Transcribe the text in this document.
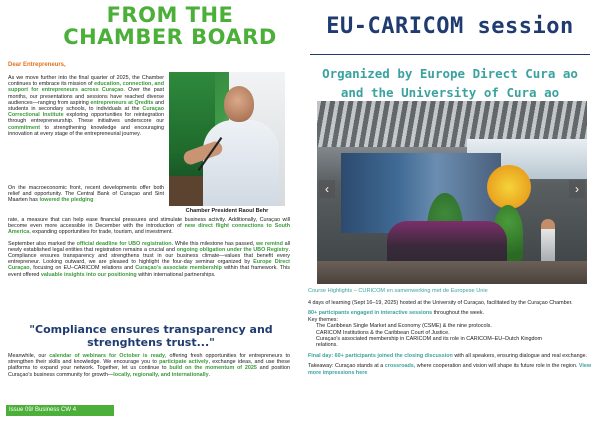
FROM THE
CHAMBER BOARD
Dear Entrepreneurs,

As we move further into the final quarter of 2025, the Chamber continues to embrace its mission of education, connection, and support for entrepreneurs across Curaçao. Over the past months, our presentations and sessions have reached diverse audiences—ranging from aspiring entrepreneurs at Qredits and students in secondary schools, to individuals at the Curaçao Correctional Institute exploring opportunities for reintegration through entrepreneurship. These initiatives underscore our commitment to strengthening knowledge and encouraging innovation at every stage of the entrepreneurial journey.

Chamber President Raoul Behr
On the macroeconomic front, recent developments offer both relief and opportunity. The Central Bank of Curaçao and Sint Maarten has lowered the pledging

rate, a measure that can help ease financial pressures and stimulate business activity. Additionally, Curaçao will become even more accessible in December with the introduction of new direct flight connections to South America, expanding opportunities for trade, tourism, and investment.

September also marked the official deadline for UBO registration. While this milestone has passed, we remind all newly established legal entities that registration remains a crucial and ongoing obligation under the UBO Registry. Compliance ensures transparency and strengthens trust in our business climate—values that benefit every entrepreneur. Looking outward, we are pleased to highlight the four-day seminar organized by Europe Direct Curaçao, focusing on EU–CARICOM relations and Curaçao's associate membership within that framework. This event offered valuable insights into our positioning within international partnerships.

"Compliance ensures transparency and
strenghtens trust..."
Meanwhile, our calendar of webinars for October is ready, offering fresh opportunities for entrepreneurs to strengthen their skills and knowledge. We encourage you to participate actively, exchange ideas, and use these platforms to expand your network. Together, let us continue to build on the momentum of 2025 and position Curaçao's business community for growth—locally, regionally, and internationally.
Issue 09/ Business CW 4
EU-CARICOM session
Organized by Europe Direct Cura ao
and the University of Cura ao
‹	›
Course Highlights – CURICOM en samenwerking met de Europese Unie

4 days of learning (Sept 16–19, 2025) hosted at the University of Curaçao, facilitated by the Curaçao Chamber.

80+ participants engaged in interactive sessions throughout the week.
Key themes:
The Caribbean Single Market and Economy (CSME) & the nine protocols.
CARICOM Institutions & the Caribbean Court of Justice.
Curaçao's associated membership in CARICOM and its role in CARICOM–EU–Dutch Kingdom
relations.

Final day: 60+ participants joined the closing discussion with all speakers, ensuring dialogue and real exchange.

Takeaway: Curaçao stands at a crossroads, where cooperation and vision will shape its future role in the region. View more impressions here
